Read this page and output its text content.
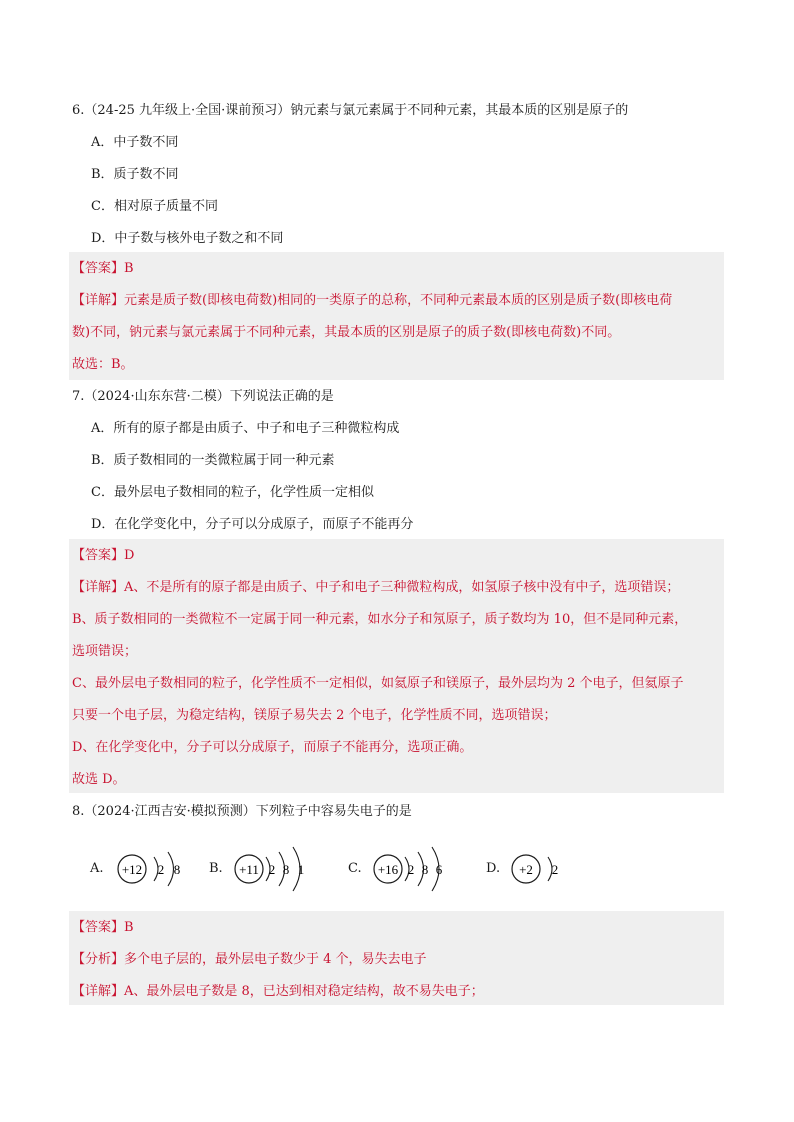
6.（24-25 九年级上·全国·课前预习）钠元素与氯元素属于不同种元素，其最本质的区别是原子的
A．中子数不同
B．质子数不同
C．相对原子质量不同
D．中子数与核外电子数之和不同
【答案】B
【详解】元素是质子数(即核电荷数)相同的一类原子的总称，不同种元素最本质的区别是质子数(即核电荷
数)不同，钠元素与氯元素属于不同种元素，其最本质的区别是原子的质子数(即核电荷数)不同。
故选：B。
7.（2024·山东东营·二模）下列说法正确的是
A．所有的原子都是由质子、中子和电子三种微粒构成
B．质子数相同的一类微粒属于同一种元素
C．最外层电子数相同的粒子，化学性质一定相似
D．在化学变化中，分子可以分成原子，而原子不能再分
【答案】D
【详解】A、不是所有的原子都是由质子、中子和电子三种微粒构成，如氢原子核中没有中子，选项错误；
B、质子数相同的一类微粒不一定属于同一种元素，如水分子和氖原子，质子数均为 10，但不是同种元素，
选项错误；
C、最外层电子数相同的粒子，化学性质不一定相似，如氦原子和镁原子，最外层均为 2 个电子，但氦原子
只要一个电子层，为稳定结构，镁原子易失去 2 个电子，化学性质不同，选项错误；
D、在化学变化中，分子可以分成原子，而原子不能再分，选项正确。
故选 D。
8.（2024·江西吉安·模拟预测）下列粒子中容易失电子的是
A. +12 2 8 B. +11 2 8 1	C. +16 2 8 6	D. +2 2
【答案】B
【分析】多个电子层的，最外层电子数少于 4 个，易失去电子
【详解】A、最外层电子数是 8，已达到相对稳定结构，故不易失电子；
